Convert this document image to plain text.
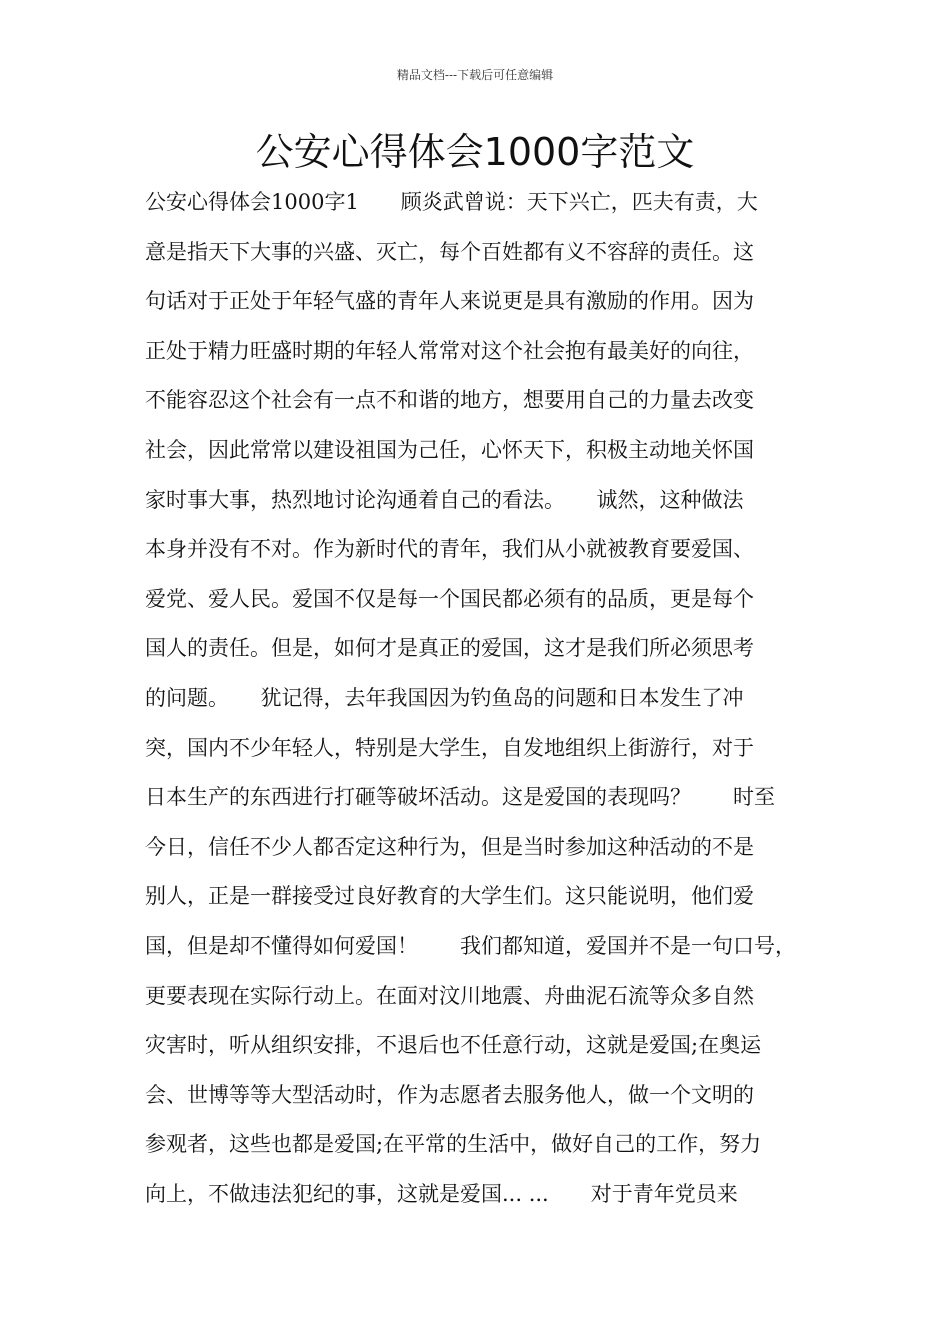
精品文档---下载后可任意编辑
公安心得体会1000字范文
公安心得体会1000字1　　顾炎武曾说：天下兴亡，匹夫有责，大
意是指天下大事的兴盛、灭亡，每个百姓都有义不容辞的责任。这
句话对于正处于年轻气盛的青年人来说更是具有激励的作用。因为
正处于精力旺盛时期的年轻人常常对这个社会抱有最美好的向往，
不能容忍这个社会有一点不和谐的地方，想要用自己的力量去改变
社会，因此常常以建设祖国为己任，心怀天下，积极主动地关怀国
家时事大事，热烈地讨论沟通着自己的看法。　　诚然，这种做法
本身并没有不对。作为新时代的青年，我们从小就被教育要爱国、
爱党、爱人民。爱国不仅是每一个国民都必须有的品质，更是每个
国人的责任。但是，如何才是真正的爱国，这才是我们所必须思考
的问题。　　犹记得，去年我国因为钓鱼岛的问题和日本发生了冲
突，国内不少年轻人，特别是大学生，自发地组织上街游行，对于
日本生产的东西进行打砸等破坏活动。这是爱国的表现吗？　　时至
今日，信任不少人都否定这种行为，但是当时参加这种活动的不是
别人，正是一群接受过良好教育的大学生们。这只能说明，他们爱
国，但是却不懂得如何爱国！　　我们都知道，爱国并不是一句口号，
更要表现在实际行动上。在面对汶川地震、舟曲泥石流等众多自然
灾害时，听从组织安排，不退后也不任意行动，这就是爱国;在奥运
会、世博等等大型活动时，作为志愿者去服务他人，做一个文明的
参观者，这些也都是爱国;在平常的生活中，做好自己的工作，努力
向上，不做违法犯纪的事，这就是爱国... ...　　对于青年党员来
